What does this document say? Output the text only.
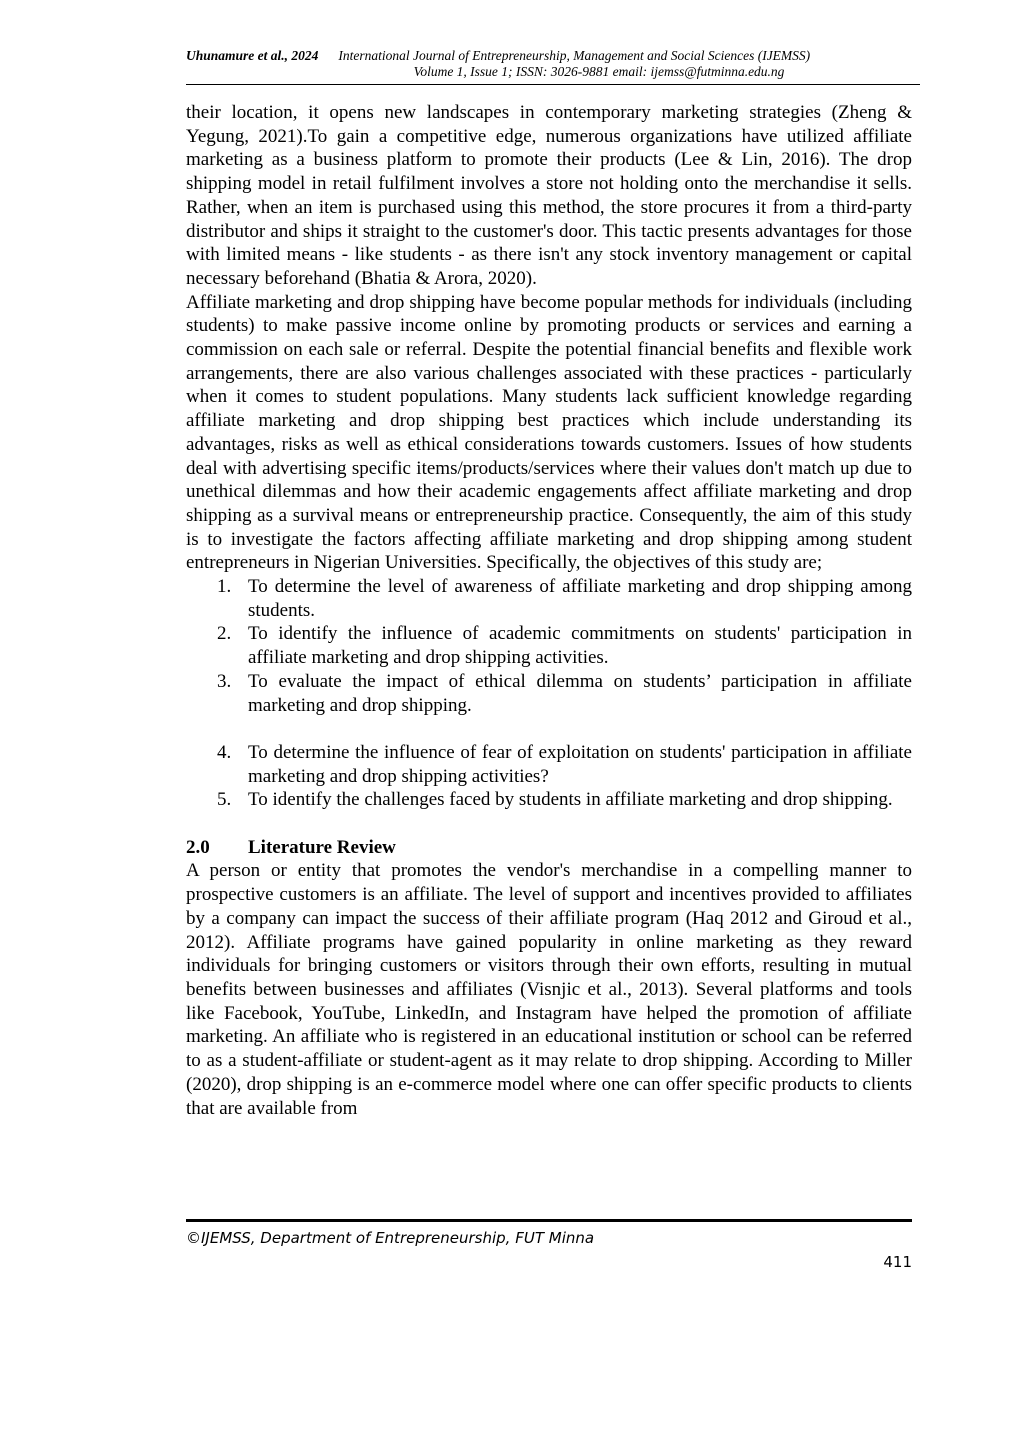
Uhunamure et al., 2024 International Journal of Entrepreneurship, Management and Social Sciences (IJEMSS)
Volume 1, Issue 1; ISSN: 3026-9881 email: ijemss@futminna.edu.ng

their location, it opens new landscapes in contemporary marketing strategies (Zheng & Yegung, 2021).To gain a competitive edge, numerous organizations have utilized affiliate marketing as a business platform to promote their products (Lee & Lin, 2016). The drop shipping model in retail fulfilment involves a store not holding onto the merchandise it sells. Rather, when an item is purchased using this method, the store procures it from a third-party distributor and ships it straight to the customer's door. This tactic presents advantages for those with limited means - like students - as there isn't any stock inventory management or capital necessary beforehand (Bhatia & Arora, 2020).

Affiliate marketing and drop shipping have become popular methods for individuals (including students) to make passive income online by promoting products or services and earning a commission on each sale or referral. Despite the potential financial benefits and flexible work arrangements, there are also various challenges associated with these practices - particularly when it comes to student populations. Many students lack sufficient knowledge regarding affiliate marketing and drop shipping best practices which include understanding its advantages, risks as well as ethical considerations towards customers. Issues of how students deal with advertising specific items/products/services where their values don't match up due to unethical dilemmas and how their academic engagements affect affiliate marketing and drop shipping as a survival means or entrepreneurship practice. Consequently, the aim of this study is to investigate the factors affecting affiliate marketing and drop shipping among student entrepreneurs in Nigerian Universities. Specifically, the objectives of this study are;

1. To determine the level of awareness of affiliate marketing and drop shipping among students.
2. To identify the influence of academic commitments on students' participation in affiliate marketing and drop shipping activities.
3. To evaluate the impact of ethical dilemma on students’ participation in affiliate marketing and drop shipping.
4. To determine the influence of fear of exploitation on students' participation in affiliate marketing and drop shipping activities?
5. To identify the challenges faced by students in affiliate marketing and drop shipping.
2.0	Literature Review

A person or entity that promotes the vendor's merchandise in a compelling manner to prospective customers is an affiliate. The level of support and incentives provided to affiliates by a company can impact the success of their affiliate program (Haq 2012 and Giroud et al., 2012). Affiliate programs have gained popularity in online marketing as they reward individuals for bringing customers or visitors through their own efforts, resulting in mutual benefits between businesses and affiliates (Visnjic et al., 2013). Several platforms and tools like Facebook, YouTube, LinkedIn, and Instagram have helped the promotion of affiliate marketing. An affiliate who is registered in an educational institution or school can be referred to as a student-affiliate or student-agent as it may relate to drop shipping. According to Miller (2020), drop shipping is an e-commerce model where one can offer specific products to clients that are available from

©IJEMSS, Department of Entrepreneurship, FUT Minna
411
